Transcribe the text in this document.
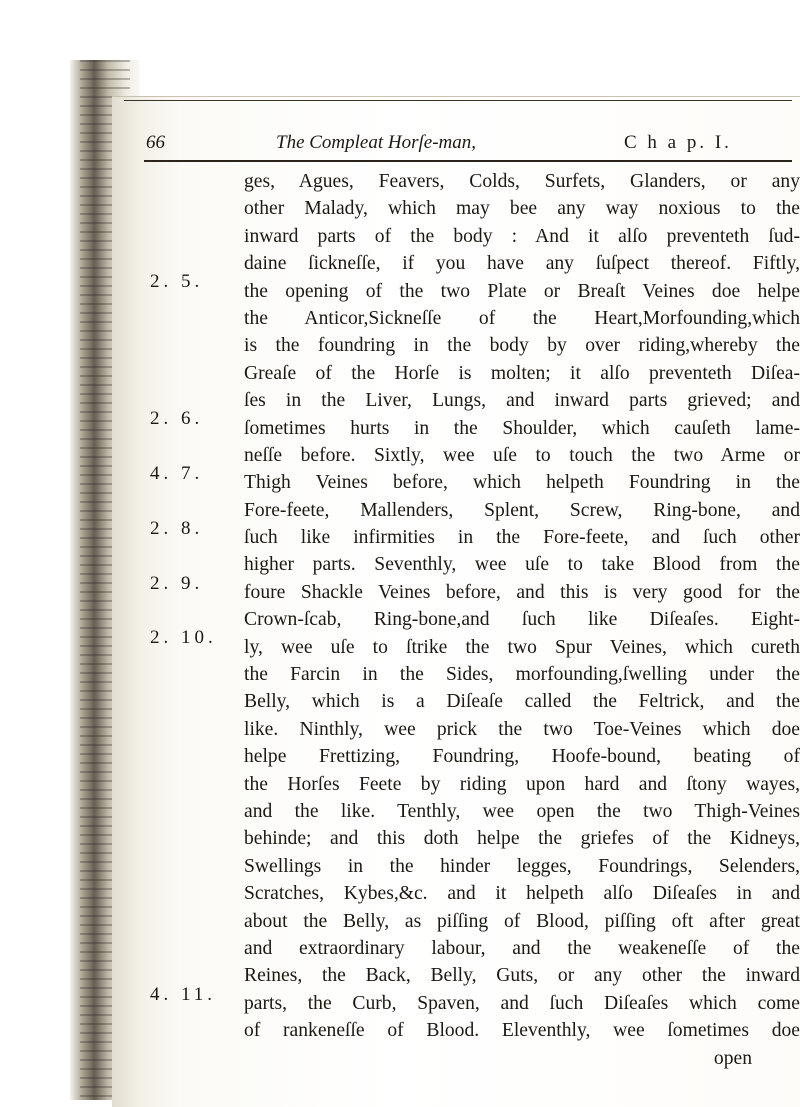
66	The Compleat Horſe-man,	C h a p. I.
2. 5.
2. 6.
4. 7.
2. 8.
2. 9.
2. 10.
4. 11.
ges, Agues, Feavers, Colds, Surfets, Glanders, or any
other Malady, which may bee any way noxious to the
inward parts of the body : And it alſo preventeth ſud-
daine ſickneſſe, if you have any ſuſpect thereof. Fiftly,
the opening of the two Plate or Breaſt Veines doe helpe
the Anticor,Sickneſſe of the Heart,Morfounding,which
is the foundring in the body by over riding,whereby the
Greaſe of the Horſe is molten; it alſo preventeth Diſea-
ſes in the Liver, Lungs, and inward parts grieved; and
ſometimes hurts in the Shoulder, which cauſeth lame-
neſſe before. Sixtly, wee uſe to touch the two Arme or
Thigh Veines before, which helpeth Foundring in the
Fore-feete, Mallenders, Splent, Screw, Ring-bone, and
ſuch like infirmities in the Fore-feete, and ſuch other
higher parts. Seventhly, wee uſe to take Blood from the
foure Shackle Veines before, and this is very good for the
Crown-ſcab, Ring-bone,and ſuch like Diſeaſes. Eight-
ly, wee uſe to ſtrike the two Spur Veines, which cureth
the Farcin in the Sides, morfounding,ſwelling under the
Belly, which is a Diſeaſe called the Feltrick, and the
like. Ninthly, wee prick the two Toe-Veines which doe
helpe Frettizing, Foundring, Hoofe-bound, beating of
the Horſes Feete by riding upon hard and ſtony wayes,
and the like. Tenthly, wee open the two Thigh-Veines
behinde; and this doth helpe the griefes of the Kidneys,
Swellings in the hinder legges, Foundrings, Selenders,
Scratches, Kybes,&c. and it helpeth alſo Diſeaſes in and
about the Belly, as piſſing of Blood, piſſing oft after great
and extraordinary labour, and the weakeneſſe of the
Reines, the Back, Belly, Guts, or any other the inward
parts, the Curb, Spaven, and ſuch Diſeaſes which come
of rankeneſſe of Blood. Eleventhly, wee ſometimes doe
open
